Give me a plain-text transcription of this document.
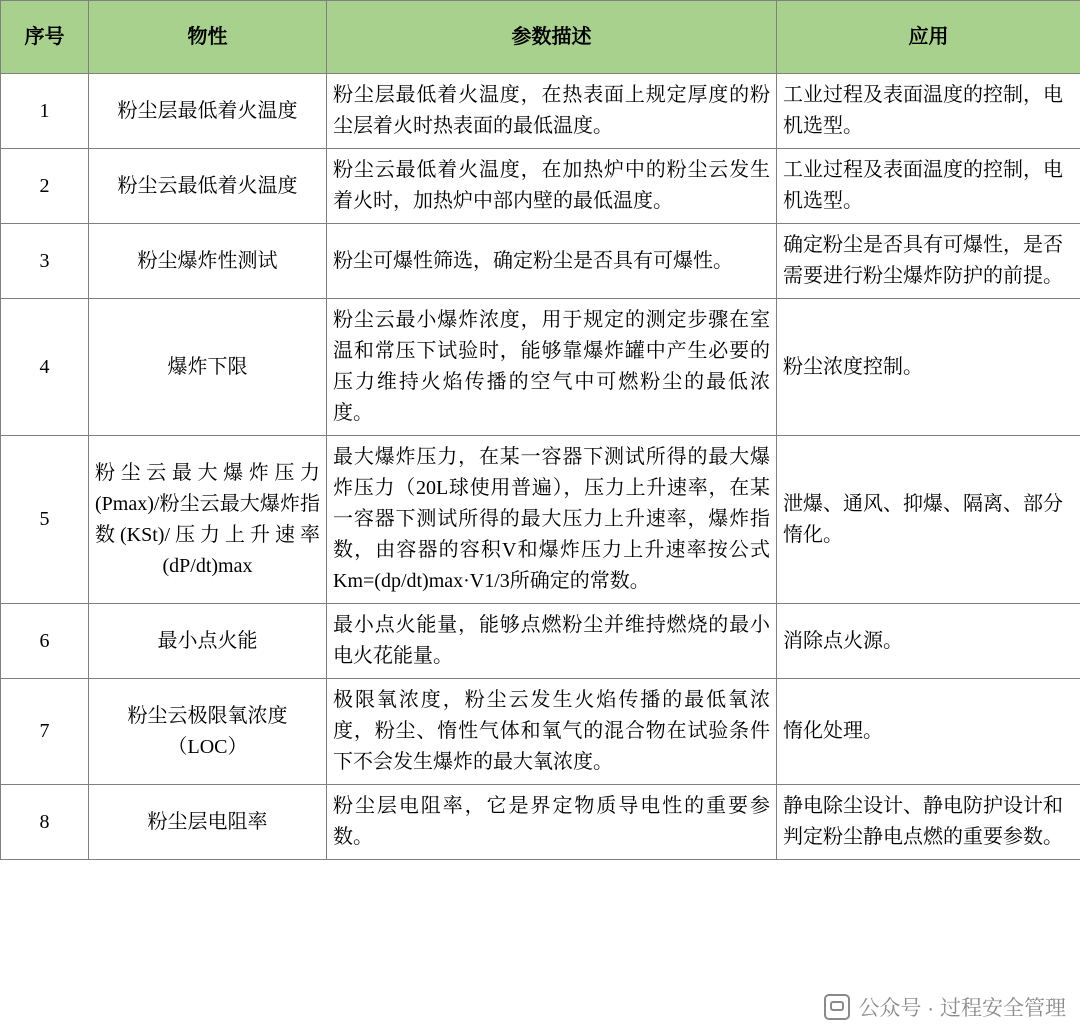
序号	物性	参数描述	应用
1	粉尘层最低着火温度	粉尘层最低着火温度，在热表面上规定厚度的粉尘层着火时热表面的最低温度。	工业过程及表面温度的控制，电机选型。
2	粉尘云最低着火温度	粉尘云最低着火温度，在加热炉中的粉尘云发生着火时，加热炉中部内壁的最低温度。	工业过程及表面温度的控制，电机选型。
3	粉尘爆炸性测试	粉尘可爆性筛选，确定粉尘是否具有可爆性。	确定粉尘是否具有可爆性，是否需要进行粉尘爆炸防护的前提。
4	爆炸下限	粉尘云最小爆炸浓度，用于规定的测定步骤在室温和常压下试验时，能够靠爆炸罐中产生必要的压力维持火焰传播的空气中可燃粉尘的最低浓度。	粉尘浓度控制。
5	粉尘云最大爆炸压力(Pmax)/粉尘云最大爆炸指数(KSt)/压力上升速率(dP/dt)max	最大爆炸压力，在某一容器下测试所得的最大爆炸压力（20L球使用普遍），压力上升速率，在某一容器下测试所得的最大压力上升速率，爆炸指数，由容器的容积V和爆炸压力上升速率按公式Km=(dp/dt)max·V1/3所确定的常数。	泄爆、通风、抑爆、隔离、部分惰化。
6	最小点火能	最小点火能量，能够点燃粉尘并维持燃烧的最小电火花能量。	消除点火源。
7	粉尘云极限氧浓度（LOC）	极限氧浓度，粉尘云发生火焰传播的最低氧浓度，粉尘、惰性气体和氧气的混合物在试验条件下不会发生爆炸的最大氧浓度。	惰化处理。
8	粉尘层电阻率	粉尘层电阻率，它是界定物质导电性的重要参数。	静电除尘设计、静电防护设计和判定粉尘静电点燃的重要参数。
公众号 · 过程安全管理
